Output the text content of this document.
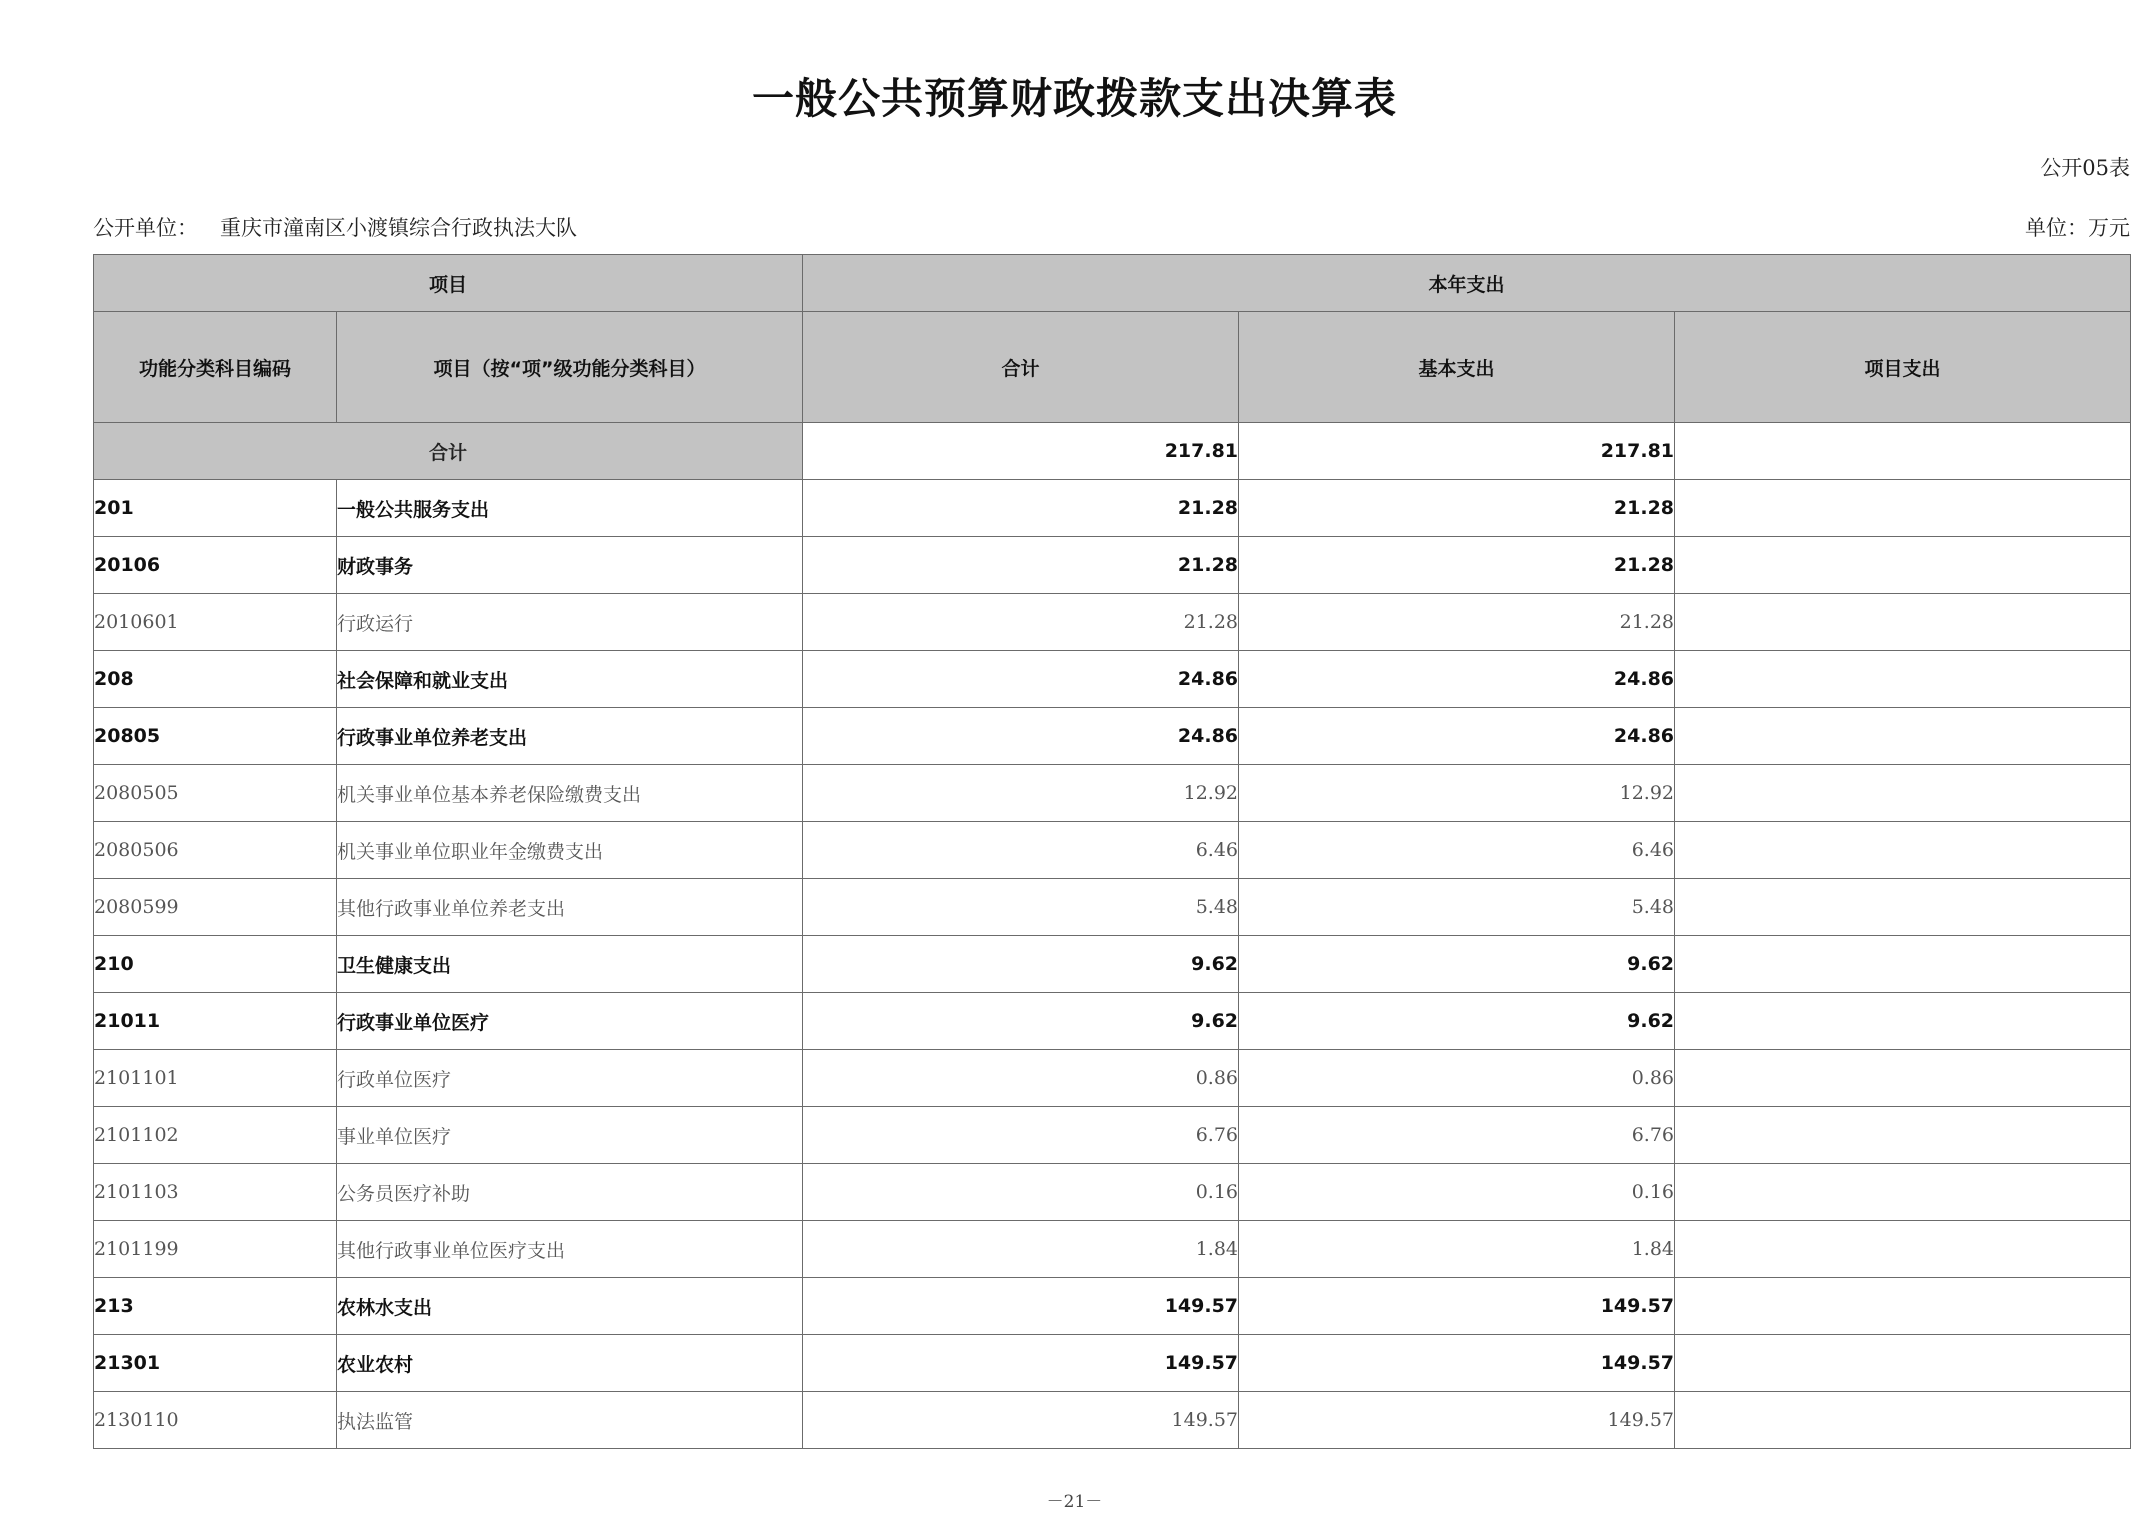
一般公共预算财政拨款支出决算表
公开05表
公开单位： 重庆市潼南区小渡镇综合行政执法大队	单位：万元
项目		本年支出		
功能分类科目编码	项目（按“项”级功能分类科目）	合计	基本支出	项目支出
合计		217.81	217.81	
201	一般公共服务支出	21.28	21.28	
20106	财政事务	21.28	21.28	
2010601	行政运行	21.28	21.28	
208	社会保障和就业支出	24.86	24.86	
20805	行政事业单位养老支出	24.86	24.86	
2080505	机关事业单位基本养老保险缴费支出	12.92	12.92	
2080506	机关事业单位职业年金缴费支出	6.46	6.46	
2080599	其他行政事业单位养老支出	5.48	5.48	
210	卫生健康支出	9.62	9.62	
21011	行政事业单位医疗	9.62	9.62	
2101101	行政单位医疗	0.86	0.86	
2101102	事业单位医疗	6.76	6.76	
2101103	公务员医疗补助	0.16	0.16	
2101199	其他行政事业单位医疗支出	1.84	1.84	
213	农林水支出	149.57	149.57	
21301	农业农村	149.57	149.57	
2130110	执法监管	149.57	149.57	
－21－
